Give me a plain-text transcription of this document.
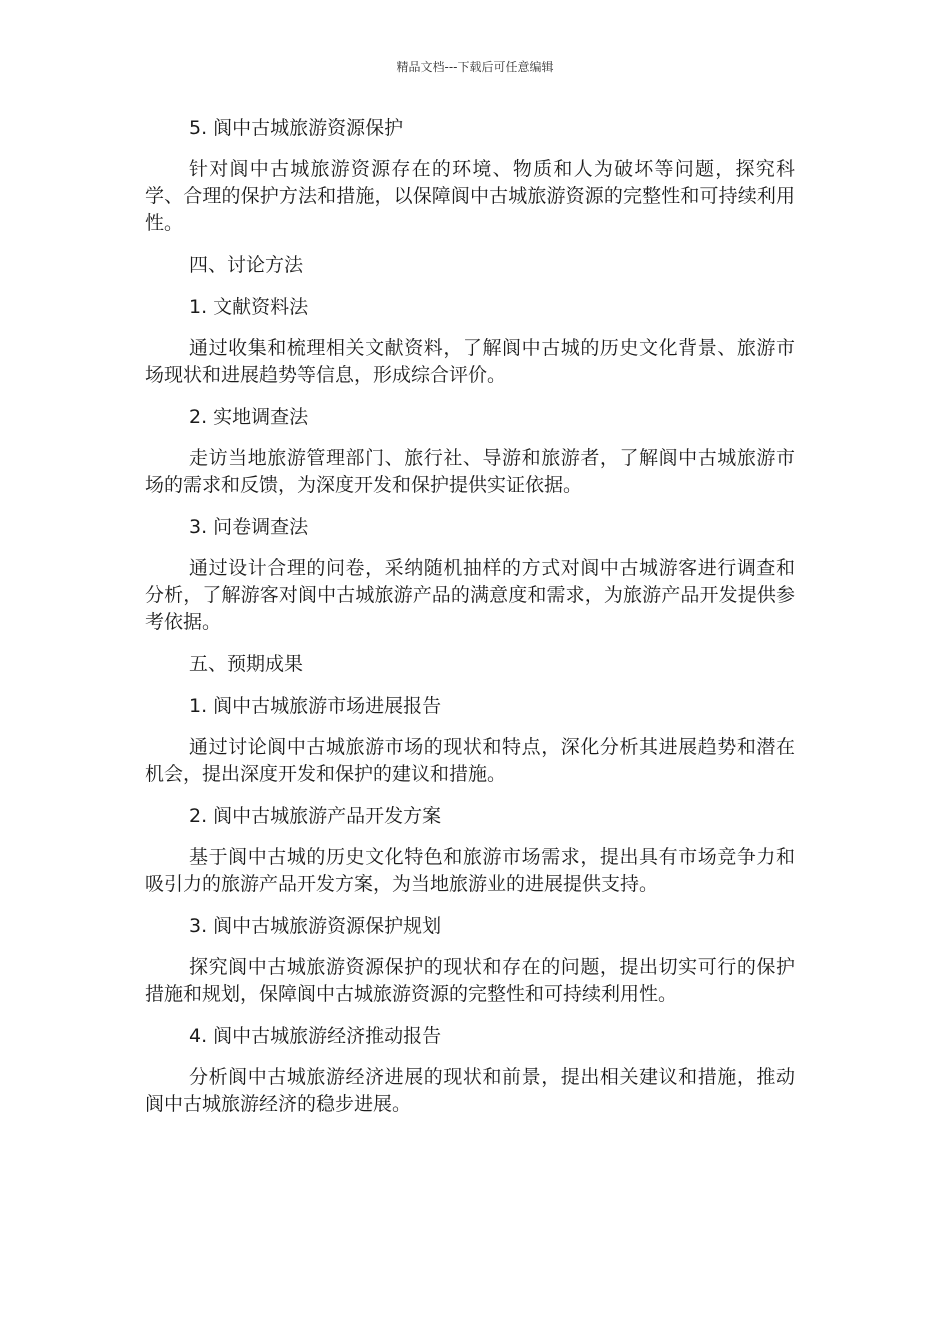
精品文档---下载后可任意编辑
5. 阆中古城旅游资源保护

针对阆中古城旅游资源存在的环境、物质和人为破坏等问题，探究科学、合理的保护方法和措施，以保障阆中古城旅游资源的完整性和可持续利用性。

四、讨论方法
1. 文献资料法

通过收集和梳理相关文献资料，了解阆中古城的历史文化背景、旅游市场现状和进展趋势等信息，形成综合评价。

2. 实地调查法

走访当地旅游管理部门、旅行社、导游和旅游者，了解阆中古城旅游市场的需求和反馈，为深度开发和保护提供实证依据。

3. 问卷调查法

通过设计合理的问卷，采纳随机抽样的方式对阆中古城游客进行调查和分析，了解游客对阆中古城旅游产品的满意度和需求，为旅游产品开发提供参考依据。

五、预期成果
1. 阆中古城旅游市场进展报告

通过讨论阆中古城旅游市场的现状和特点，深化分析其进展趋势和潜在机会，提出深度开发和保护的建议和措施。

2. 阆中古城旅游产品开发方案

基于阆中古城的历史文化特色和旅游市场需求，提出具有市场竞争力和吸引力的旅游产品开发方案，为当地旅游业的进展提供支持。

3. 阆中古城旅游资源保护规划

探究阆中古城旅游资源保护的现状和存在的问题，提出切实可行的保护措施和规划，保障阆中古城旅游资源的完整性和可持续利用性。

4. 阆中古城旅游经济推动报告

分析阆中古城旅游经济进展的现状和前景，提出相关建议和措施，推动阆中古城旅游经济的稳步进展。
